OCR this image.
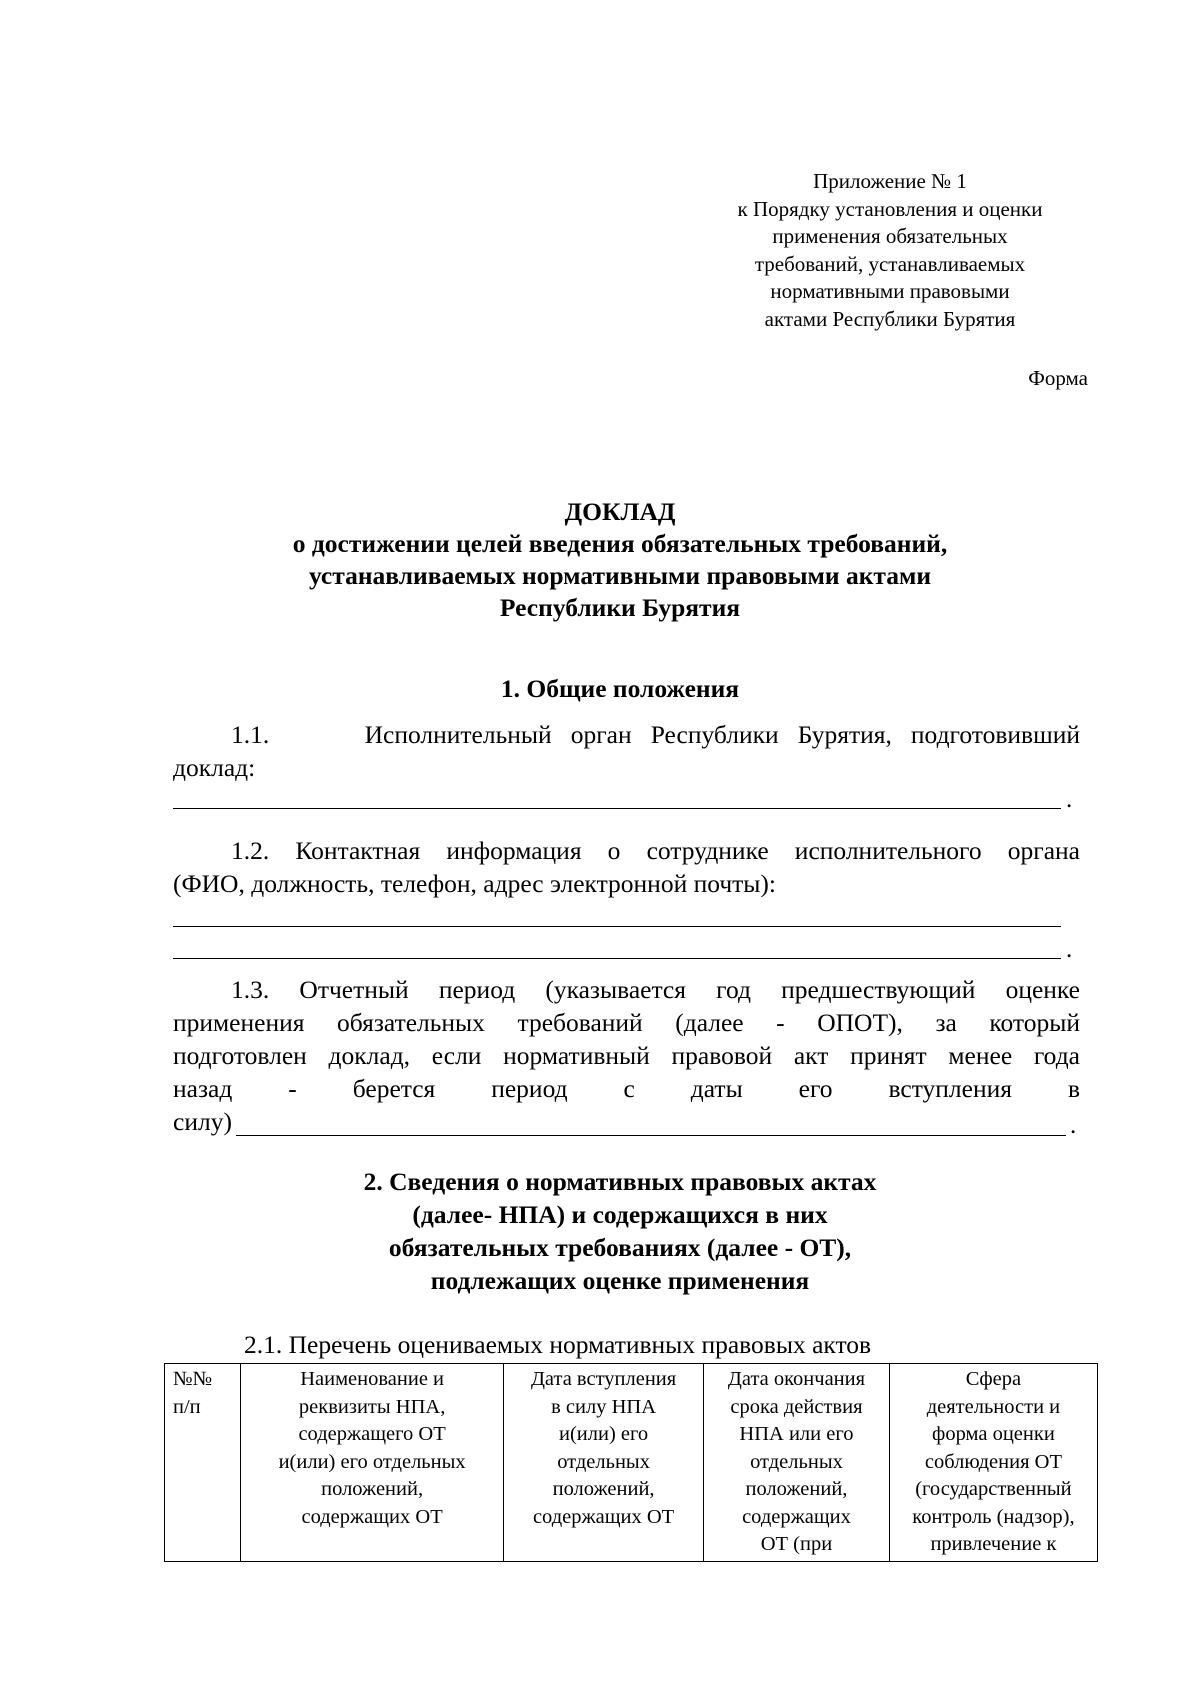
Приложение № 1
к Порядку установления и оценки
применения обязательных
требований, устанавливаемых
нормативными правовыми
актами Республики Бурятия
Форма
ДОКЛАД
о достижении целей введения обязательных требований,
устанавливаемых нормативными правовыми актами
Республики Бурятия
1. Общие положения
1.1.     Исполнительный орган Республики Бурятия, подготовивший
доклад:
.
1.2. Контактная информация о сотруднике исполнительного органа
(ФИО, должность, телефон, адрес электронной почты):
.
1.3. Отчетный период (указывается год предшествующий оценке
применения обязательных требований (далее - ОПОТ), за который
подготовлен доклад, если нормативный правовой акт принят менее года
назад - берется период с даты его вступления в
силу)	.
2. Сведения о нормативных правовых актах
(далее- НПА) и содержащихся в них
обязательных требованиях (далее - ОТ),
подлежащих оценке применения
2.1. Перечень оцениваемых нормативных правовых актов
№№
п/п

Наименование и
реквизиты НПА,
содержащего ОТ
и(или) его отдельных
положений,
содержащих ОТ

Дата вступления
в силу НПА
и(или) его
отдельных
положений,
содержащих ОТ

Дата окончания
срока действия
НПА или его
отдельных
положений,
содержащих
ОТ (при

Сфера
деятельности и
форма оценки
соблюдения ОТ
(государственный
контроль (надзор),
привлечение к
